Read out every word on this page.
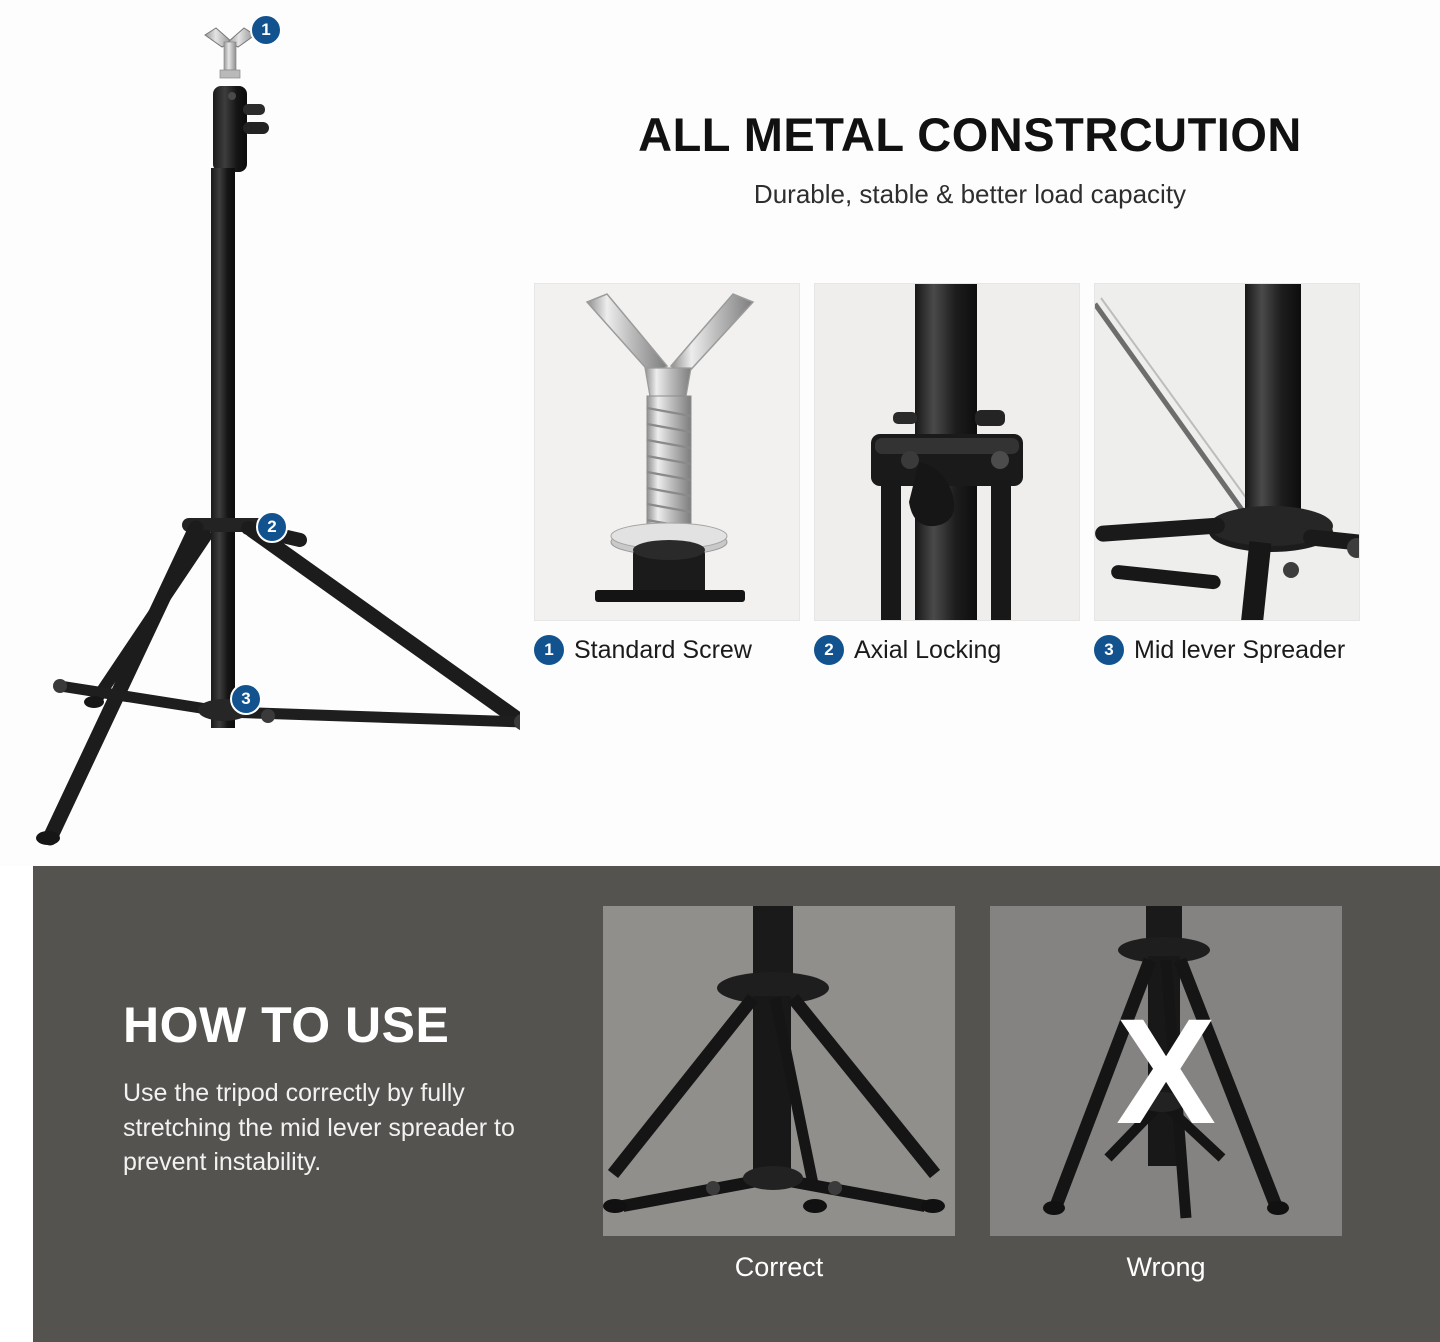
1
2
3
ALL METAL CONSTRCUTION
Durable, stable & better load capacity
1 Standard Screw	2 Axial Locking	3 Mid lever Spreader
HOW TO USE
Use the tripod correctly by fully stretching the mid lever spreader to prevent instability.
Correct
X
Wrong
